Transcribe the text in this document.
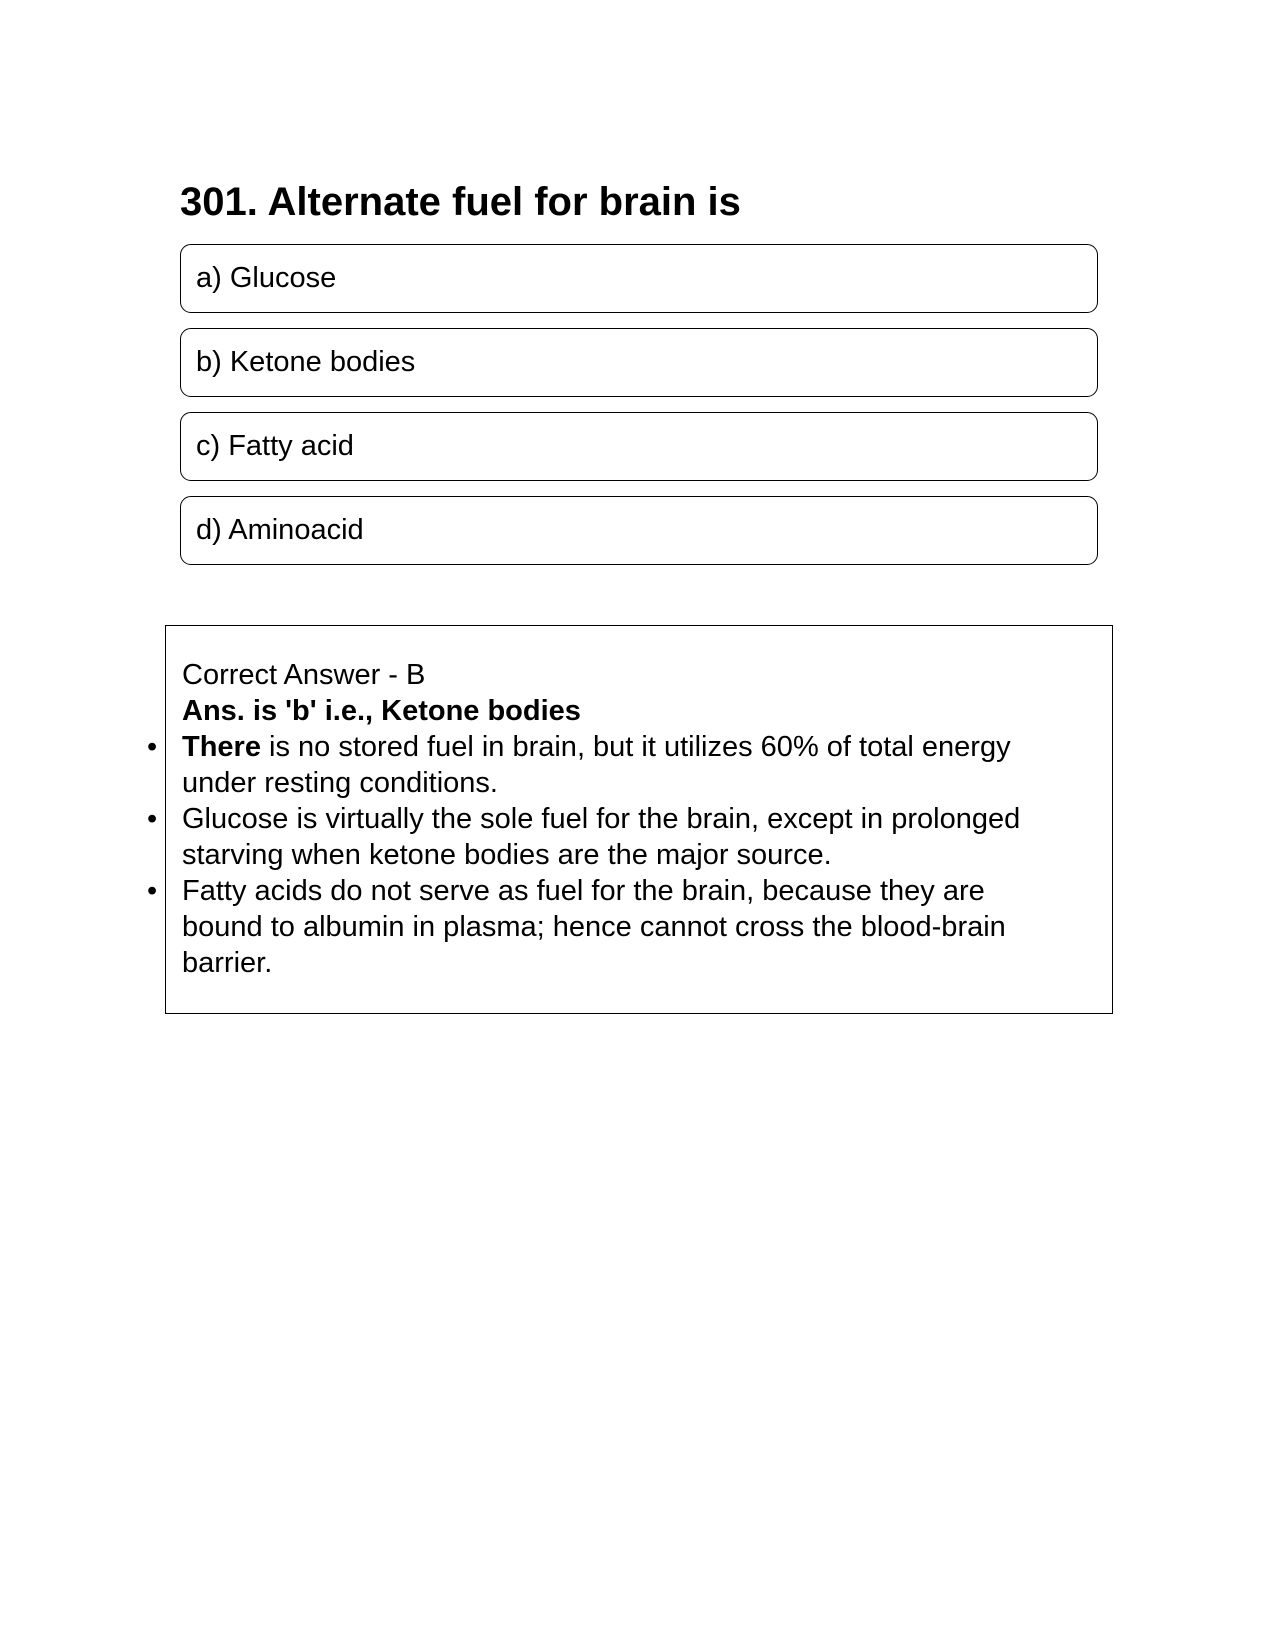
301. Alternate fuel for brain is
a) Glucose
b) Ketone bodies
c) Fatty acid
d) Aminoacid

Correct Answer - B

Ans. is 'b' i.e., Ketone bodies

• There is no stored fuel in brain, but it utilizes 60% of total energy under resting conditions.
• Glucose is virtually the sole fuel for the brain, except in prolonged starving when ketone bodies are the major source.
• Fatty acids do not serve as fuel for the brain, because they are bound to albumin in plasma; hence cannot cross the blood-brain barrier.
